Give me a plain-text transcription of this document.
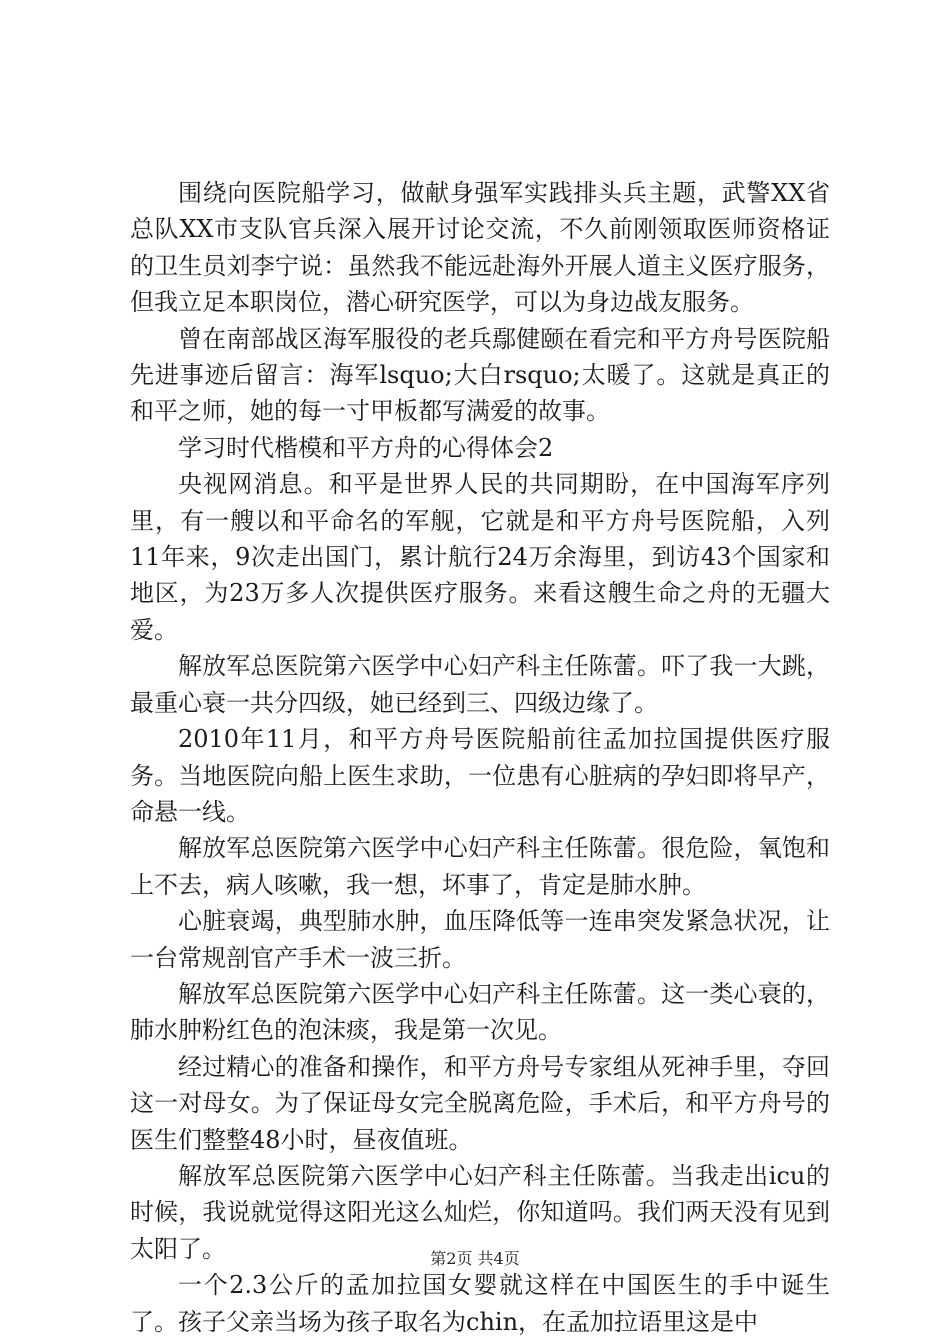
围绕向医院船学习，做献身强军实践排头兵主题，武警XX省总队XX市支队官兵深入展开讨论交流，不久前刚领取医师资格证的卫生员刘李宁说：虽然我不能远赴海外开展人道主义医疗服务，但我立足本职岗位，潜心研究医学，可以为身边战友服务。

曾在南部战区海军服役的老兵鄢健颐在看完和平方舟号医院船先进事迹后留言：海军lsquo;大白rsquo;太暖了。这就是真正的和平之师，她的每一寸甲板都写满爱的故事。

学习时代楷模和平方舟的心得体会2

央视网消息。和平是世界人民的共同期盼，在中国海军序列里，有一艘以和平命名的军舰，它就是和平方舟号医院船，入列11年来，9次走出国门，累计航行24万余海里，到访43个国家和地区，为23万多人次提供医疗服务。来看这艘生命之舟的无疆大爱。

解放军总医院第六医学中心妇产科主任陈蕾。吓了我一大跳，最重心衰一共分四级，她已经到三、四级边缘了。

2010年11月，和平方舟号医院船前往孟加拉国提供医疗服务。当地医院向船上医生求助，一位患有心脏病的孕妇即将早产，命悬一线。

解放军总医院第六医学中心妇产科主任陈蕾。很危险，氧饱和上不去，病人咳嗽，我一想，坏事了，肯定是肺水肿。

心脏衰竭，典型肺水肿，血压降低等一连串突发紧急状况，让一台常规剖官产手术一波三折。

解放军总医院第六医学中心妇产科主任陈蕾。这一类心衰的，肺水肿粉红色的泡沫痰，我是第一次见。

经过精心的准备和操作，和平方舟号专家组从死神手里，夺回这一对母女。为了保证母女完全脱离危险，手术后，和平方舟号的医生们整整48小时，昼夜值班。

解放军总医院第六医学中心妇产科主任陈蕾。当我走出icu的时候，我说就觉得这阳光这么灿烂，你知道吗。我们两天没有见到太阳了。

一个2.3公斤的孟加拉国女婴就这样在中国医生的手中诞生了。孩子父亲当场为孩子取名为chin，在孟加拉语里这是中

第2页 共4页
